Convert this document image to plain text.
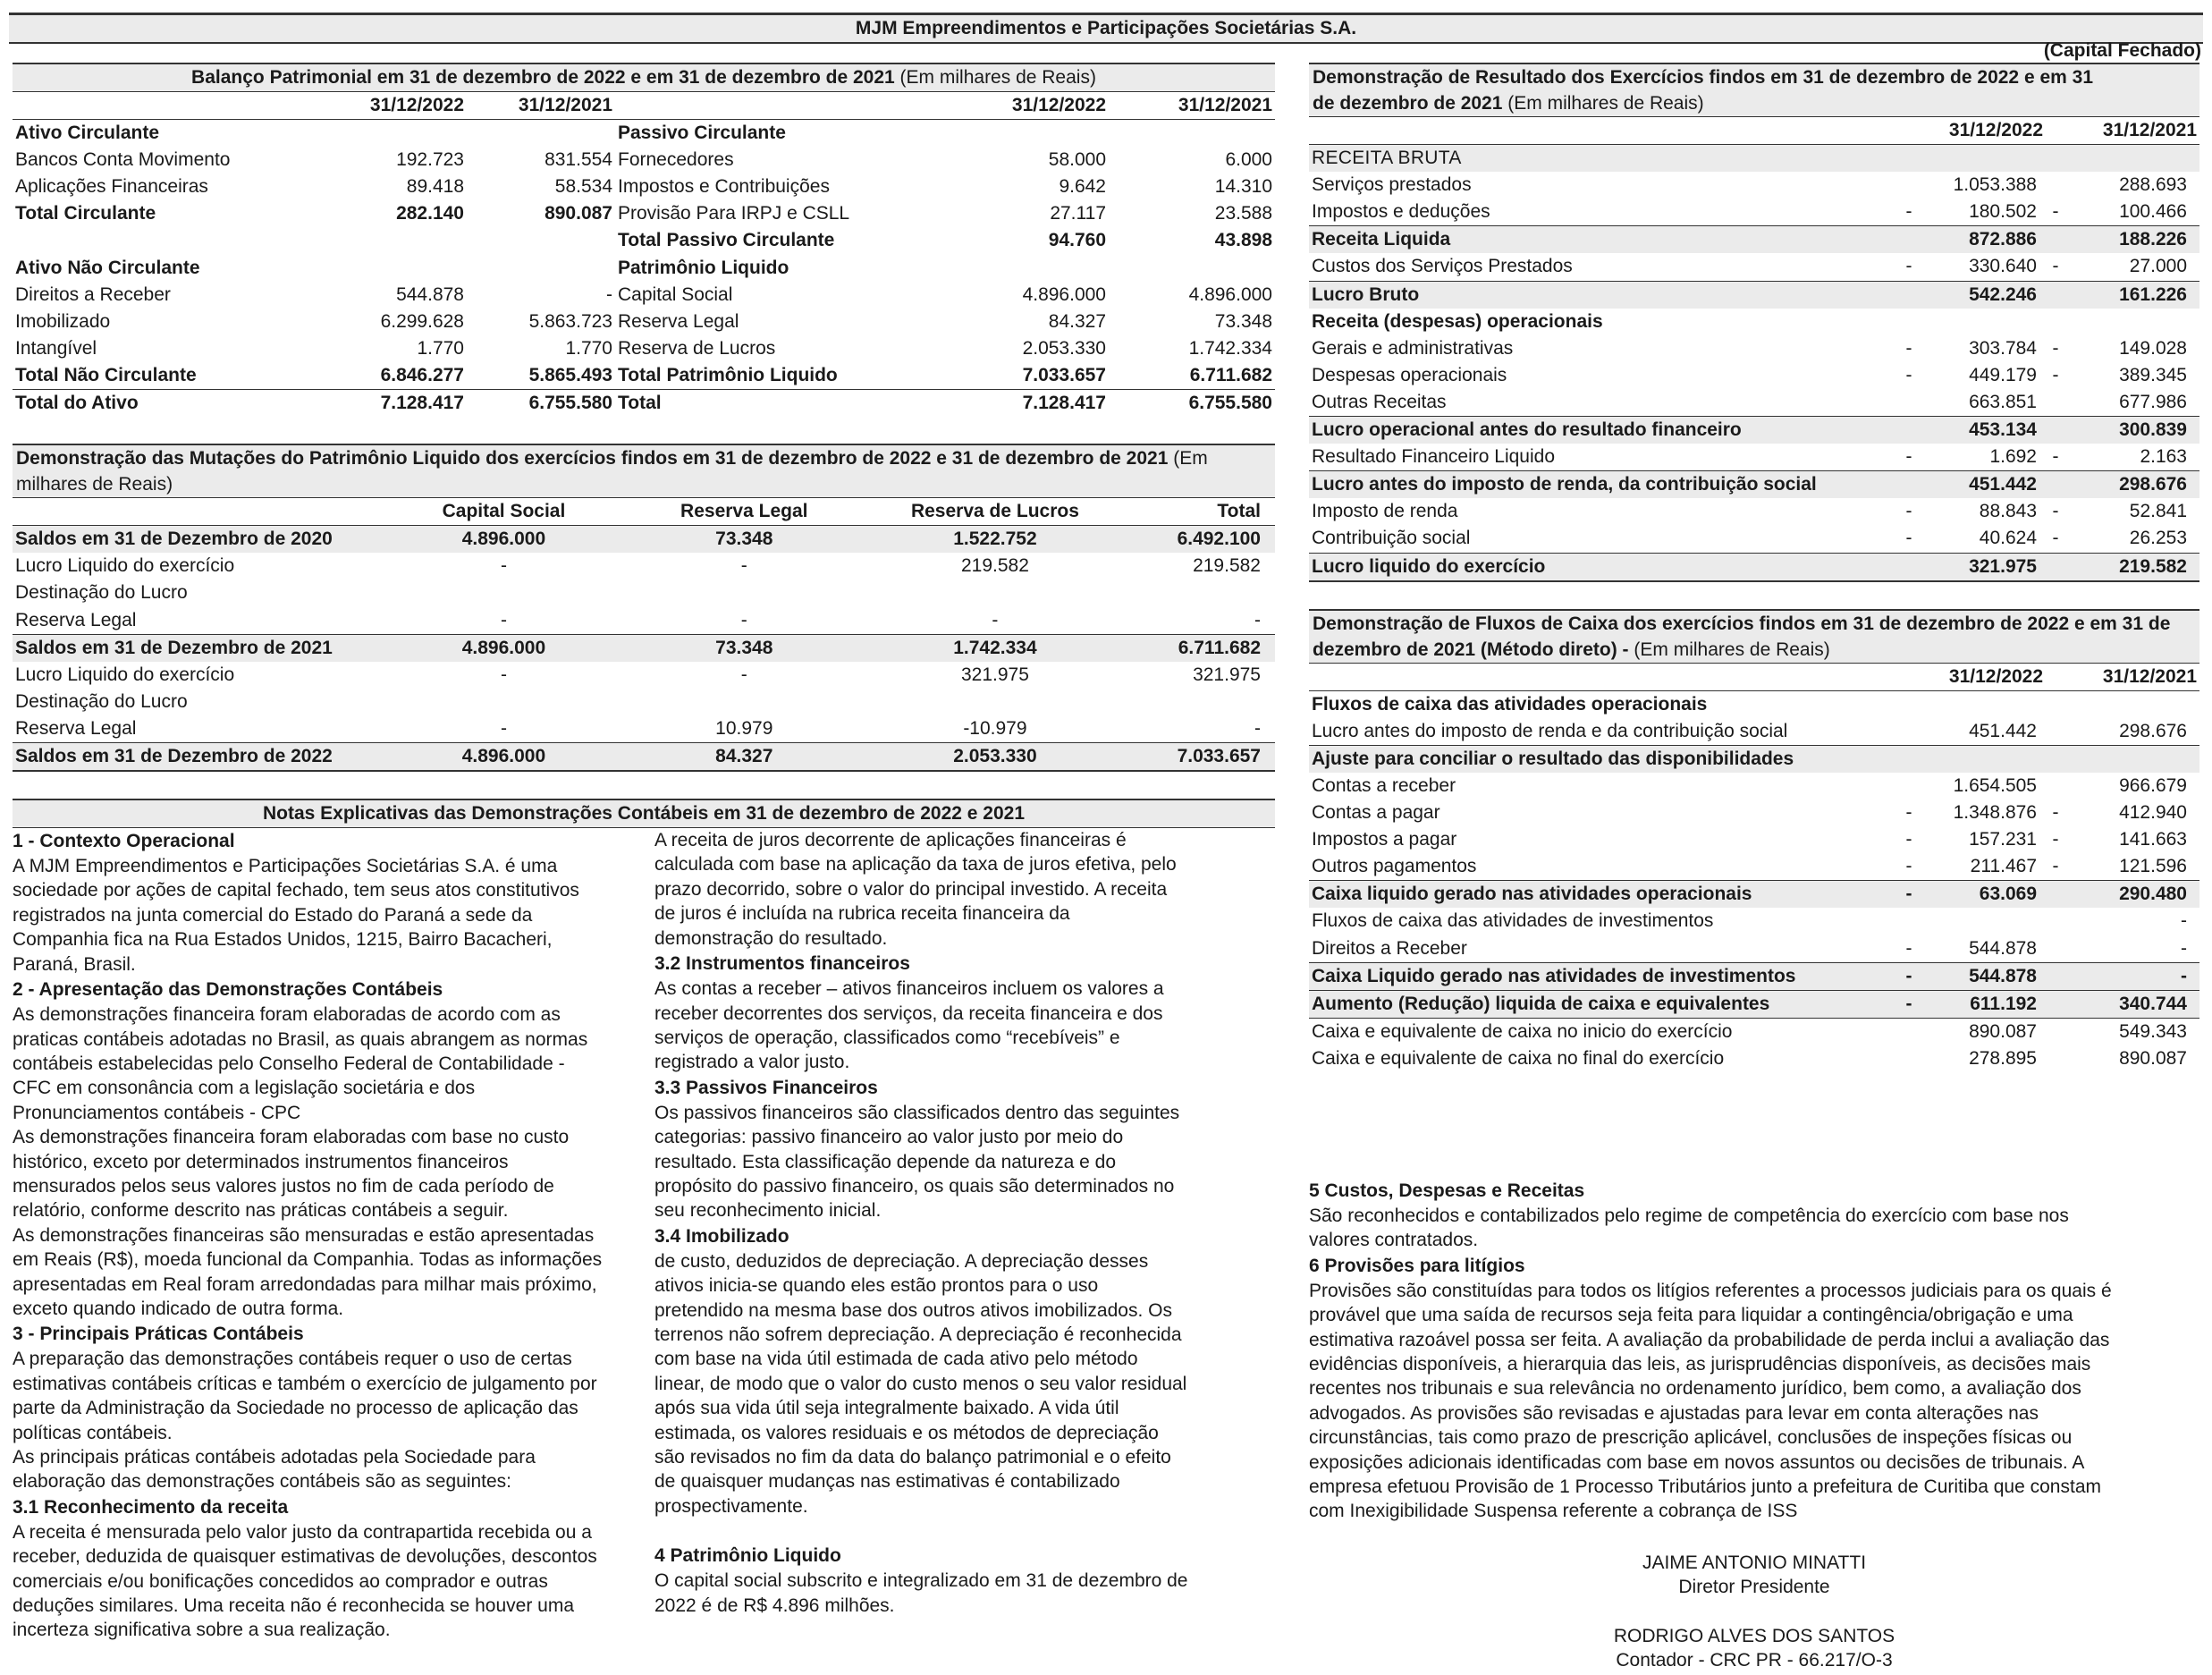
MJM Empreendimentos e Participações Societárias S.A.
(Capital Fechado)
Balanço Patrimonial em 31 de dezembro de 2022 e em 31 de dezembro de 2021 (Em milhares de Reais)
	31/12/2022	31/12/2021		31/12/2022	31/12/2021
Ativo Circulante			Passivo Circulante		
Bancos Conta Movimento	192.723	831.554	Fornecedores	58.000	6.000
Aplicações Financeiras	89.418	58.534	Impostos e Contribuições	9.642	14.310
Total Circulante	282.140	890.087	Provisão Para IRPJ e CSLL	27.117	23.588
			Total Passivo Circulante	94.760	43.898
Ativo Não Circulante			Patrimônio Liquido		
Direitos a Receber	544.878	-	Capital Social	4.896.000	4.896.000
Imobilizado	6.299.628	5.863.723	Reserva Legal	84.327	73.348
Intangível	1.770	1.770	Reserva de Lucros	2.053.330	1.742.334
Total Não Circulante	6.846.277	5.865.493	Total Patrimônio Liquido	7.033.657	6.711.682
Total do Ativo	7.128.417	6.755.580	Total	7.128.417	6.755.580
Demonstração das Mutações do Patrimônio Liquido dos exercícios findos em 31 de dezembro de 2022 e 31 de dezembro de 2021 (Em milhares de Reais)
	Capital Social	Reserva Legal	Reserva de Lucros	Total
Saldos em 31 de Dezembro de 2020	4.896.000	73.348	1.522.752	6.492.100
Lucro Liquido do exercício	-	-	219.582	219.582
Destinação do Lucro				
Reserva Legal	-	-	-	-
Saldos em 31 de Dezembro de 2021	4.896.000	73.348	1.742.334	6.711.682
Lucro Liquido do exercício	-	-	321.975	321.975
Destinação do Lucro				
Reserva Legal	-	10.979	-10.979	-
Saldos em 31 de Dezembro de 2022	4.896.000	84.327	2.053.330	7.033.657
Notas Explicativas das Demonstrações Contábeis em 31 de dezembro de 2022 e 2021
1 - Contexto Operacional

A MJM Empreendimentos e Participações Societárias S.A. é uma

sociedade por ações de capital fechado, tem seus atos constitutivos

registrados na junta comercial do Estado do Paraná a sede da

Companhia fica na Rua Estados Unidos, 1215, Bairro Bacacheri,

Paraná, Brasil.

2 - Apresentação das Demonstrações Contábeis

As demonstrações financeira foram elaboradas de acordo com as

praticas contábeis adotadas no Brasil, as quais abrangem as normas

contábeis estabelecidas pelo Conselho Federal de Contabilidade -

CFC em consonância com a legislação societária e dos

Pronunciamentos contábeis - CPC

As demonstrações financeira foram elaboradas com base no custo

histórico, exceto por determinados instrumentos financeiros

mensurados pelos seus valores justos no fim de cada período de

relatório, conforme descrito nas práticas contábeis a seguir.

As demonstrações financeiras são mensuradas e estão apresentadas

em Reais (R$), moeda funcional da Companhia. Todas as informações

apresentadas em Real foram arredondadas para milhar mais próximo,

exceto quando indicado de outra forma.

3 - Principais Práticas Contábeis

A preparação das demonstrações contábeis requer o uso de certas

estimativas contábeis críticas e também o exercício de julgamento por

parte da Administração da Sociedade no processo de aplicação das

políticas contábeis.

As principais práticas contábeis adotadas pela Sociedade para

elaboração das demonstrações contábeis são as seguintes:

3.1 Reconhecimento da receita

A receita é mensurada pelo valor justo da contrapartida recebida ou a

receber, deduzida de quaisquer estimativas de devoluções, descontos

comerciais e/ou bonificações concedidos ao comprador e outras

deduções similares. Uma receita não é reconhecida se houver uma

incerteza significativa sobre a sua realização.

A receita de juros decorrente de aplicações financeiras é

calculada com base na aplicação da taxa de juros efetiva, pelo

prazo decorrido, sobre o valor do principal investido. A receita

de juros é incluída na rubrica receita financeira da

demonstração do resultado.

3.2 Instrumentos financeiros

As contas a receber – ativos financeiros incluem os valores a

receber decorrentes dos serviços, da receita financeira e dos

serviços de operação, classificados como “recebíveis” e

registrado a valor justo.

3.3 Passivos Financeiros

Os passivos financeiros são classificados dentro das seguintes

categorias: passivo financeiro ao valor justo por meio do

resultado. Esta classificação depende da natureza e do

propósito do passivo financeiro, os quais são determinados no

seu reconhecimento inicial.

3.4 Imobilizado

de custo, deduzidos de depreciação. A depreciação desses

ativos inicia-se quando eles estão prontos para o uso

pretendido na mesma base dos outros ativos imobilizados. Os

terrenos não sofrem depreciação. A depreciação é reconhecida

com base na vida útil estimada de cada ativo pelo método

linear, de modo que o valor do custo menos o seu valor residual

após sua vida útil seja integralmente baixado. A vida útil

estimada, os valores residuais e os métodos de depreciação

são revisados no fim da data do balanço patrimonial e o efeito

de quaisquer mudanças nas estimativas é contabilizado

prospectivamente.

4 Patrimônio Liquido

O capital social subscrito e integralizado em 31 de dezembro de

2022 é de R$ 4.896 milhões.

Demonstração de Resultado dos Exercícios findos em 31 de dezembro de 2022 e em 31
de dezembro de 2021 (Em milhares de Reais)
		31/12/2022		31/12/2021
RECEITA BRUTA				
Serviços prestados		1.053.388		288.693
Impostos e deduções	-	180.502	-	100.466
Receita Liquida		872.886		188.226
Custos dos Serviços Prestados	-	330.640	-	27.000
Lucro Bruto		542.246		161.226
Receita (despesas) operacionais				
Gerais e administrativas	-	303.784	-	149.028
Despesas operacionais	-	449.179	-	389.345
Outras Receitas		663.851		677.986
Lucro operacional antes do resultado financeiro		453.134		300.839
Resultado Financeiro Liquido	-	1.692	-	2.163
Lucro antes do imposto de renda, da contribuição social		451.442		298.676
Imposto de renda	-	88.843	-	52.841
Contribuição social	-	40.624	-	26.253
Lucro liquido do exercício		321.975		219.582
Demonstração de Fluxos de Caixa dos exercícios findos em 31 de dezembro de 2022 e em 31 de dezembro de 2021 (Método direto) - (Em milhares de Reais)
		31/12/2022		31/12/2021
Fluxos de caixa das atividades operacionais				
Lucro antes do imposto de renda e da contribuição social		451.442		298.676
Ajuste para conciliar o resultado das disponibilidades				
Contas a receber		1.654.505		966.679
Contas a pagar	-	1.348.876	-	412.940
Impostos a pagar	-	157.231	-	141.663
Outros pagamentos	-	211.467	-	121.596
Caixa liquido gerado nas atividades operacionais	-	63.069		290.480
Fluxos de caixa das atividades de investimentos				-
Direitos a Receber	-	544.878		-
Caixa Liquido gerado nas atividades de investimentos	-	544.878		-
Aumento (Redução) liquida de caixa e equivalentes	-	611.192		340.744
Caixa e equivalente de caixa no inicio do exercício		890.087		549.343
Caixa e equivalente de caixa no final do exercício		278.895		890.087
5 Custos, Despesas e Receitas

São reconhecidos e contabilizados pelo regime de competência do exercício com base nos

valores contratados.

6 Provisões para litígios

Provisões são constituídas para todos os litígios referentes a processos judiciais para os quais é

provável que uma saída de recursos seja feita para liquidar a contingência/obrigação e uma

estimativa razoável possa ser feita. A avaliação da probabilidade de perda inclui a avaliação das

evidências disponíveis, a hierarquia das leis, as jurisprudências disponíveis, as decisões mais

recentes nos tribunais e sua relevância no ordenamento jurídico, bem como, a avaliação dos

advogados. As provisões são revisadas e ajustadas para levar em conta alterações nas

circunstâncias, tais como prazo de prescrição aplicável, conclusões de inspeções físicas ou

exposições adicionais identificadas com base em novos assuntos ou decisões de tribunais. A

empresa efetuou Provisão de 1 Processo Tributários junto a prefeitura de Curitiba que constam

com Inexigibilidade Suspensa referente a cobrança de ISS

JAIME ANTONIO MINATTI
Diretor Presidente
RODRIGO ALVES DOS SANTOS
Contador - CRC PR - 66.217/O-3
